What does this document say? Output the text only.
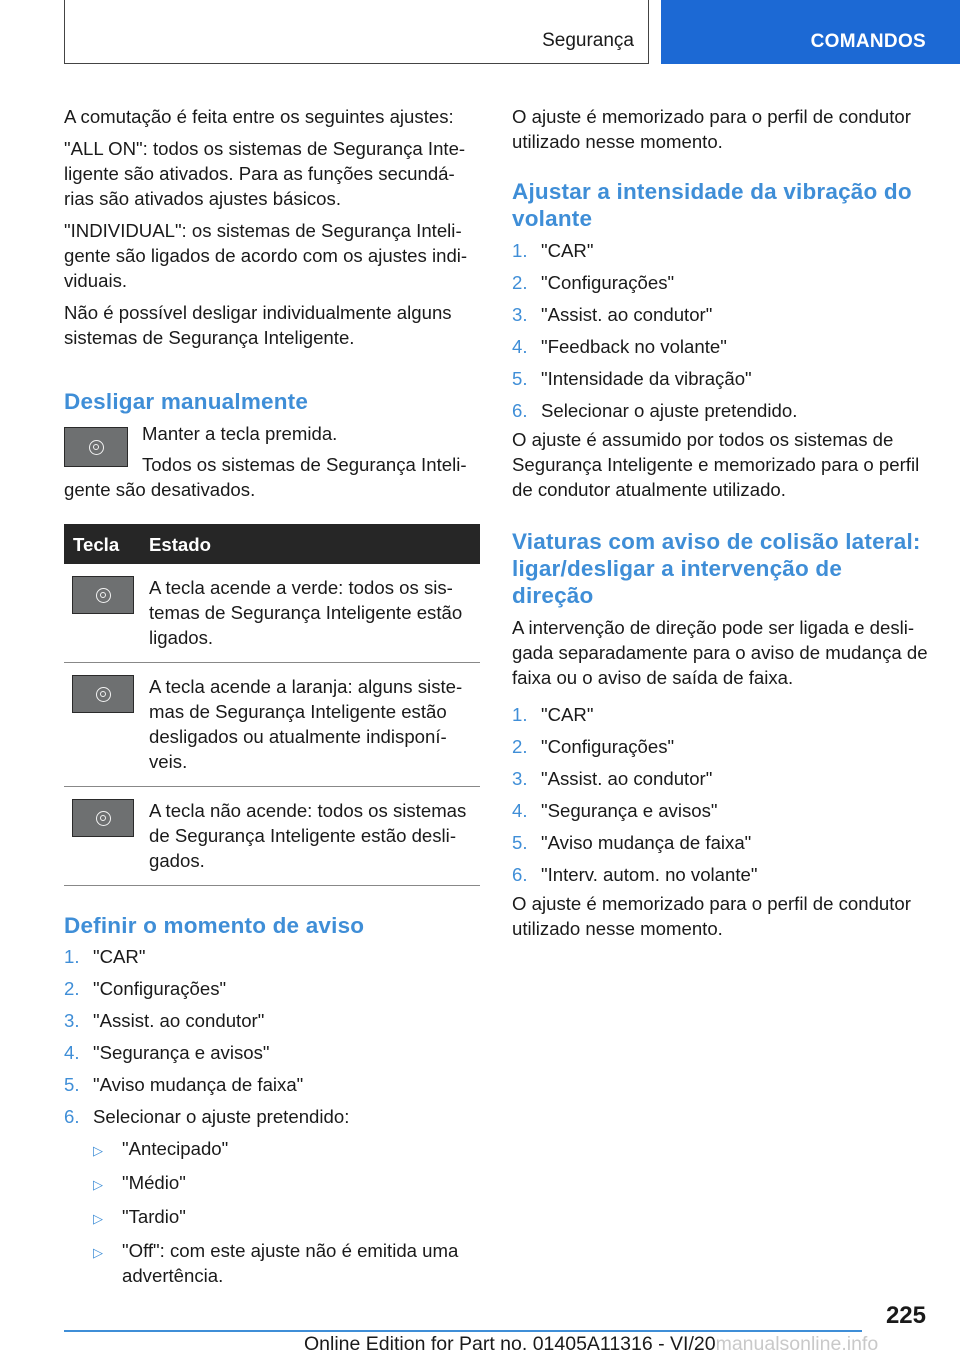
Segurança	COMANDOS

A comutação é feita entre os seguintes ajustes:

"ALL ON": todos os sistemas de Segurança Inte-ligente são ativados. Para as funções secundá-rias são ativados ajustes básicos.

"INDIVIDUAL": os sistemas de Segurança Inteli-gente são ligados de acordo com os ajustes indi-viduais.

Não é possível desligar individualmente alguns sistemas de Segurança Inteligente.

Desligar manualmente

Manter a tecla premida.

Todos os sistemas de Segurança Inteli-gente são desativados.

Tecla	Estado

	A tecla acende a verde: todos os sis-temas de Segurança Inteligente estão ligados.

	A tecla acende a laranja: alguns siste-mas de Segurança Inteligente estão desligados ou atualmente indisponí-veis.

	A tecla não acende: todos os sistemas de Segurança Inteligente estão desli-gados.
Definir o momento de aviso
1. "CAR"
2. "Configurações"
3. "Assist. ao condutor"
4. "Segurança e avisos"
5. "Aviso mudança de faixa"
6. Selecionar o ajuste pretendido:
▷	"Antecipado"
▷	"Médio"
▷	"Tardio"
▷	"Off": com este ajuste não é emitida uma advertência.

O ajuste é memorizado para o perfil de condutor utilizado nesse momento.

Ajustar a intensidade da vibração do volante
1. "CAR"
2. "Configurações"
3. "Assist. ao condutor"
4. "Feedback no volante"
5. "Intensidade da vibração"
6. Selecionar o ajuste pretendido.

O ajuste é assumido por todos os sistemas de Segurança Inteligente e memorizado para o perfil de condutor atualmente utilizado.

Viaturas com aviso de colisão lateral: ligar/desligar a intervenção de direção

A intervenção de direção pode ser ligada e desli-gada separadamente para o aviso de mudança de faixa ou o aviso de saída de faixa.

1. "CAR"
2. "Configurações"
3. "Assist. ao condutor"
4. "Segurança e avisos"
5. "Aviso mudança de faixa"
6. "Interv. autom. no volante"

O ajuste é memorizado para o perfil de condutor utilizado nesse momento.

225
Online Edition for Part no. 01405A11316 - VI/20manualsonline.info
